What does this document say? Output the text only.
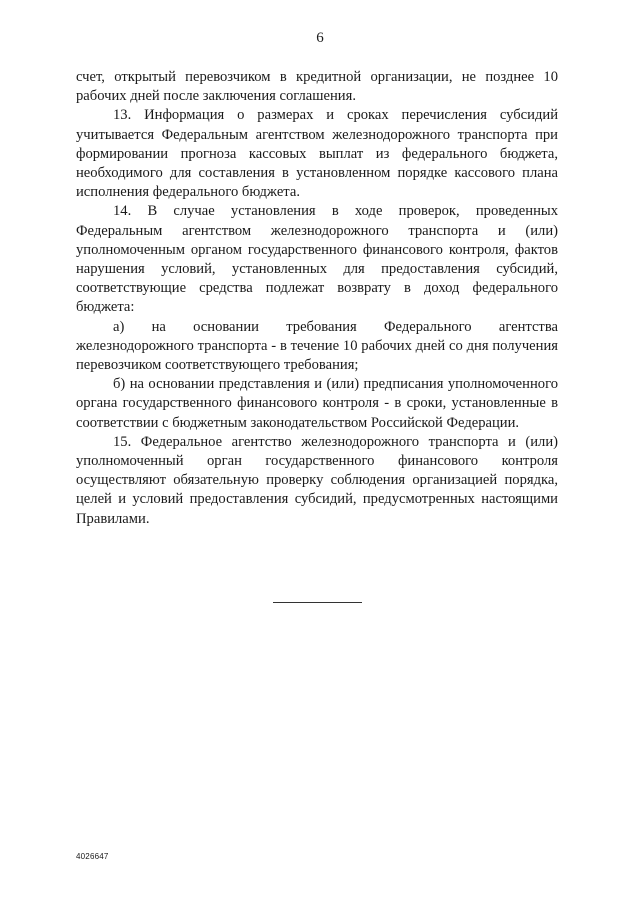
6

счет, открытый перевозчиком в кредитной организации, не позднее 10 рабочих дней после заключения соглашения.

13. Информация о размерах и сроках перечисления субсидий учитывается Федеральным агентством железнодорожного транспорта при формировании прогноза кассовых выплат из федерального бюджета, необходимого для составления в установленном порядке кассового плана исполнения федерального бюджета.

14. В случае установления в ходе проверок, проведенных Федеральным агентством железнодорожного транспорта и (или) уполномоченным органом государственного финансового контроля, фактов нарушения условий, установленных для предоставления субсидий, соответствующие средства подлежат возврату в доход федерального бюджета:

а) на основании требования Федерального агентства железнодорожного транспорта - в течение 10 рабочих дней со дня получения перевозчиком соответствующего требования;

б) на основании представления и (или) предписания уполномоченного органа государственного финансового контроля - в сроки, установленные в соответствии с бюджетным законодательством Российской Федерации.

15. Федеральное агентство железнодорожного транспорта и (или) уполномоченный орган государственного финансового контроля осуществляют обязательную проверку соблюдения организацией порядка, целей и условий предоставления субсидий, предусмотренных настоящими Правилами.

4026647
